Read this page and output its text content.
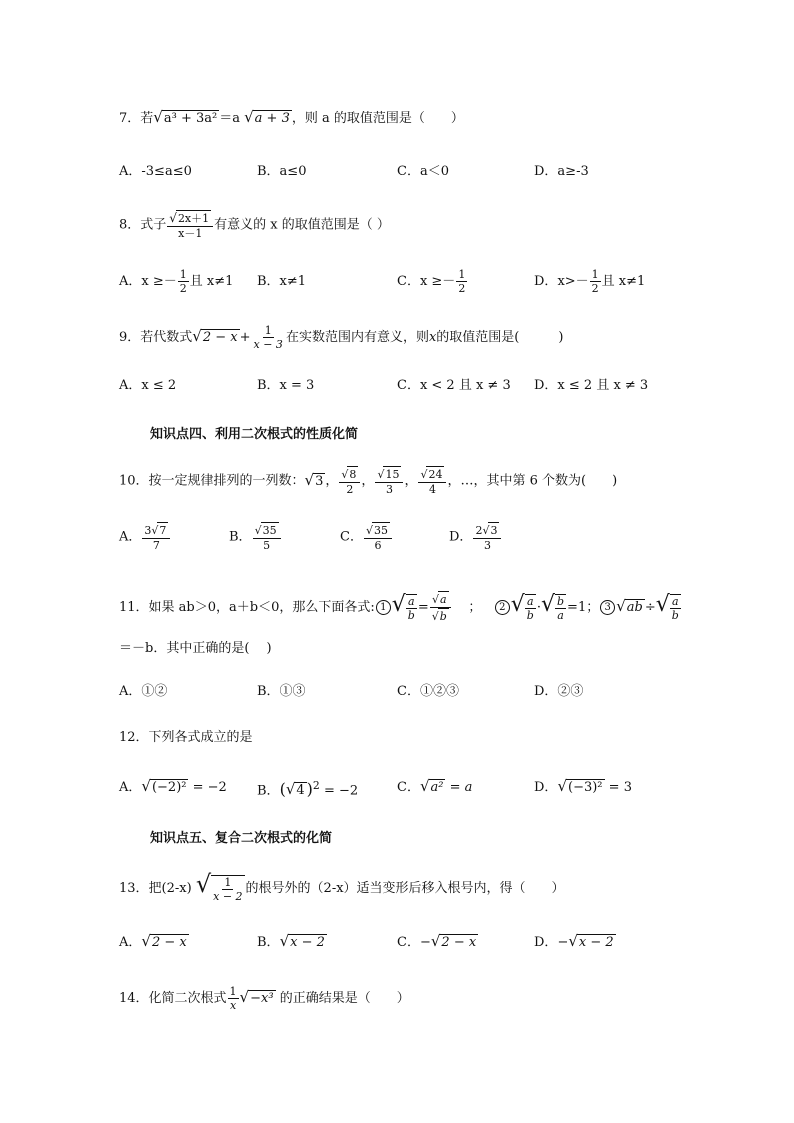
7．若√a³ + 3a² ＝a √a + 3 ，则 a 的取值范围是（　　）
A．-3≤a≤0	B．a≤0	C．a＜0	D．a≥-3
8．式子 $\frac{√2x+1}{x-1}$ 有意义的 x 的取值范围是（ ）
A．$x \ge- \frac{1}{2}$ 且 x≠1 B．x≠1	C．$x \ge- \frac{1}{2}$	D．$x>- \frac{1}{2}$ 且 x≠1
9．若代数式$√2 - x + \frac{1}{x - 3}$ 在实数范围内有意义，则x的取值范围是(　　　)
A．x ≤ 2	B．x = 3	C．x < 2 且 x ≠ 3 D．x ≤ 2 且 x ≠ 3
知识点四、利用二次根式的性质化简
10．按一定规律排列的一列数：√3 ， $\frac{√8}{2}$ ， $\frac{√15}{3}$ ， $\frac{√24}{4}$ ，…，其中第 6 个数为(　　)
A． $\frac{3√7}{7}$	B． $\frac{√35}{5}$	C． $\frac{√35}{6}$	D． $\frac{2√3}{3}$
11．如果 ab＞0，a＋b＜0，那么下面各式: 1 √ $\frac{a}{b} = \frac{√a}{√b}$ ； 2 √ $\frac{a}{b}$ ·√ $\frac{b}{a} =1$； 3 √ab ÷√ $\frac{a}{b}$
＝－b．其中正确的是(　 )
A．①②	B．①③	C．①②③	D．②③
12．下列各式成立的是
A．√(−2)² = −2 B．(√4 )$^2$ = −2	C．√a² = a	D．√(−3)² = 3
知识点五、复合二次根式的化简
13．把(2-x) √ $\frac{1}{x - 2}$ 的根号外的（2-x）适当变形后移入根号内，得（　　）
A．√2 − x	B．√x − 2	C．−√2 − x	D．−√x − 2
14．化简二次根式 $\frac{1}{x} √-x^3$ 的正确结果是（　　）
